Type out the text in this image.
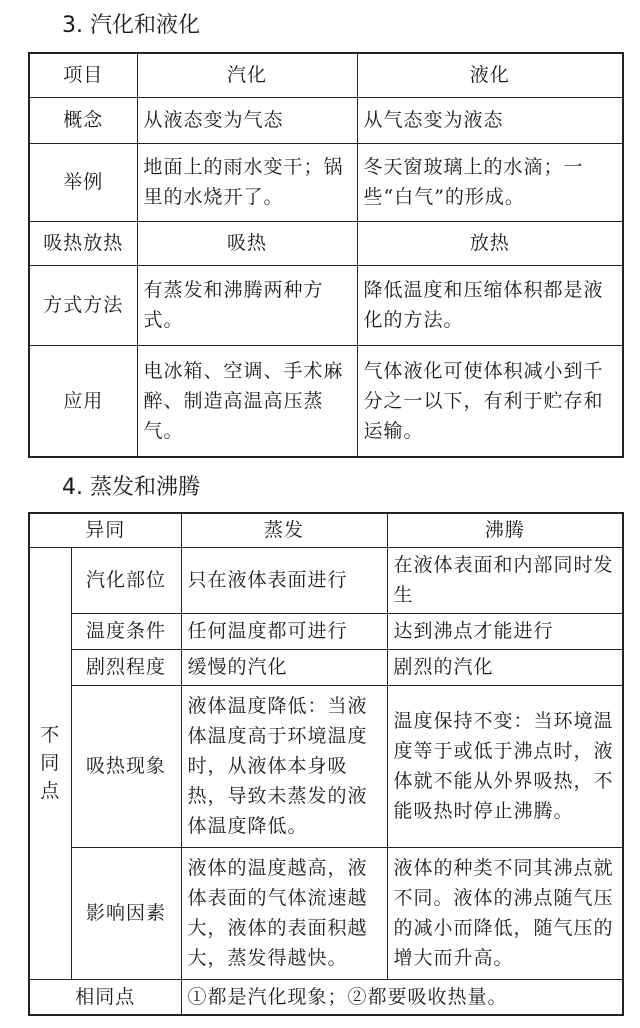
3. 汽化和液化
项目	汽化	液化
概念	从液态变为气态	从气态变为液态
举例	地面上的雨水变干；锅里的水烧开了。	冬天窗玻璃上的水滴；一些“白气”的形成。
吸热放热	吸热	放热
方式方法	有蒸发和沸腾两种方式。	降低温度和压缩体积都是液化的方法。
应用	电冰箱、空调、手术麻醉、制造高温高压蒸气。	气体液化可使体积减小到千分之一以下，有利于贮存和运输。
4. 蒸发和沸腾
异同		蒸发	沸腾

不同点	汽化部位	只在液体表面进行	在液体表面和内部同时发生
	温度条件	任何温度都可进行	达到沸点才能进行
	剧烈程度	缓慢的汽化	剧烈的汽化
	吸热现象	液体温度降低：当液体温度高于环境温度时，从液体本身吸热，导致未蒸发的液体温度降低。	温度保持不变：当环境温度等于或低于沸点时，液体就不能从外界吸热，不能吸热时停止沸腾。
	影响因素	液体的温度越高，液体表面的气体流速越大，液体的表面积越大，蒸发得越快。	液体的种类不同其沸点就不同。液体的沸点随气压的减小而降低，随气压的增大而升高。
相同点		①都是汽化现象；②都要吸收热量。	
